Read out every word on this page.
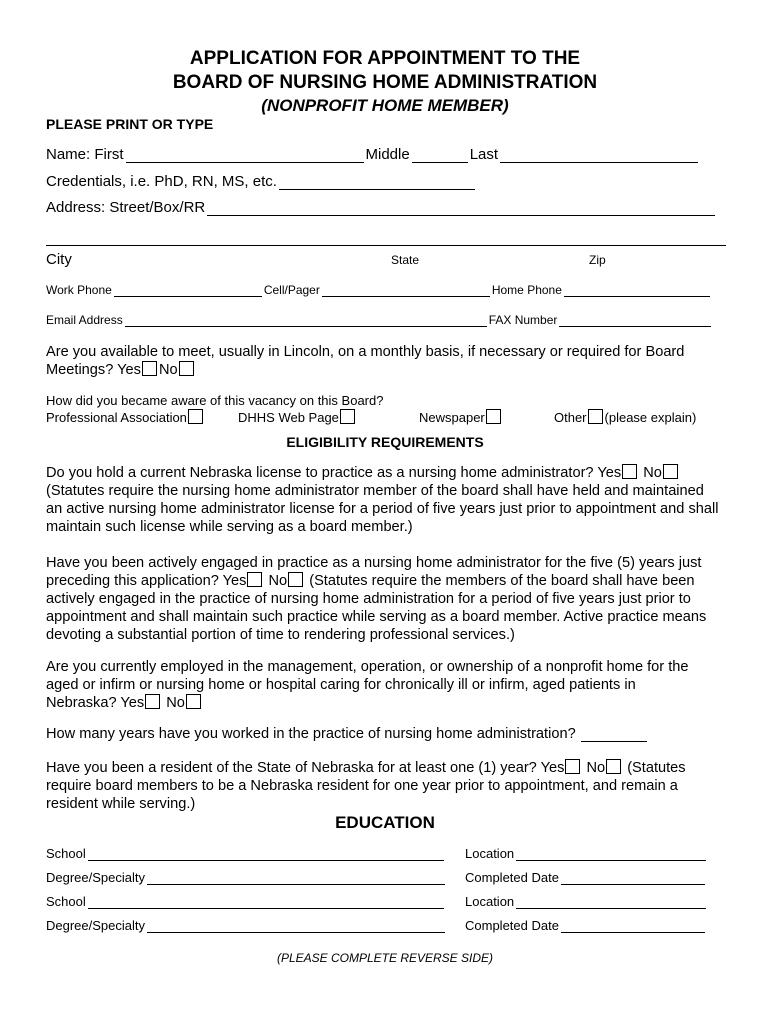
APPLICATION FOR APPOINTMENT TO THE
BOARD OF NURSING HOME ADMINISTRATION
(NONPROFIT HOME MEMBER)
PLEASE PRINT OR TYPE
Name: First	Middle	Last
Credentials, i.e. PhD, RN, MS, etc.
Address: Street/Box/RR
City	State	Zip
Work Phone	Cell/Pager	Home Phone
Email Address	FAX Number
Are you available to meet, usually in Lincoln, on a monthly basis, if necessary or required for Board
Meetings? Yes No
How did you became aware of this vacancy on this Board?
Professional Association	DHHS Web Page	Newspaper	Other (please explain)
ELIGIBILITY REQUIREMENTS
Do you hold a current Nebraska license to practice as a nursing home administrator? Yes No
(Statutes require the nursing home administrator member of the board shall have held and maintained
an active nursing home administrator license for a period of five years just prior to appointment and shall
maintain such license while serving as a board member.)
Have you been actively engaged in practice as a nursing home administrator for the five (5) years just
preceding this application? Yes No (Statutes require the members of the board shall have been
actively engaged in the practice of nursing home administration for a period of five years just prior to
appointment and shall maintain such practice while serving as a board member. Active practice means
devoting a substantial portion of time to rendering professional services.)
Are you currently employed in the management, operation, or ownership of a nonprofit home for the
aged or infirm or nursing home or hospital caring for chronically ill or infirm, aged patients in
Nebraska? Yes No
How many years have you worked in the practice of nursing home administration?
Have you been a resident of the State of Nebraska for at least one (1) year? Yes No (Statutes
require board members to be a Nebraska resident for one year prior to appointment, and remain a
resident while serving.)
EDUCATION
School	Location
Degree/Specialty	Completed Date
School	Location
Degree/Specialty	Completed Date
(PLEASE COMPLETE REVERSE SIDE)
